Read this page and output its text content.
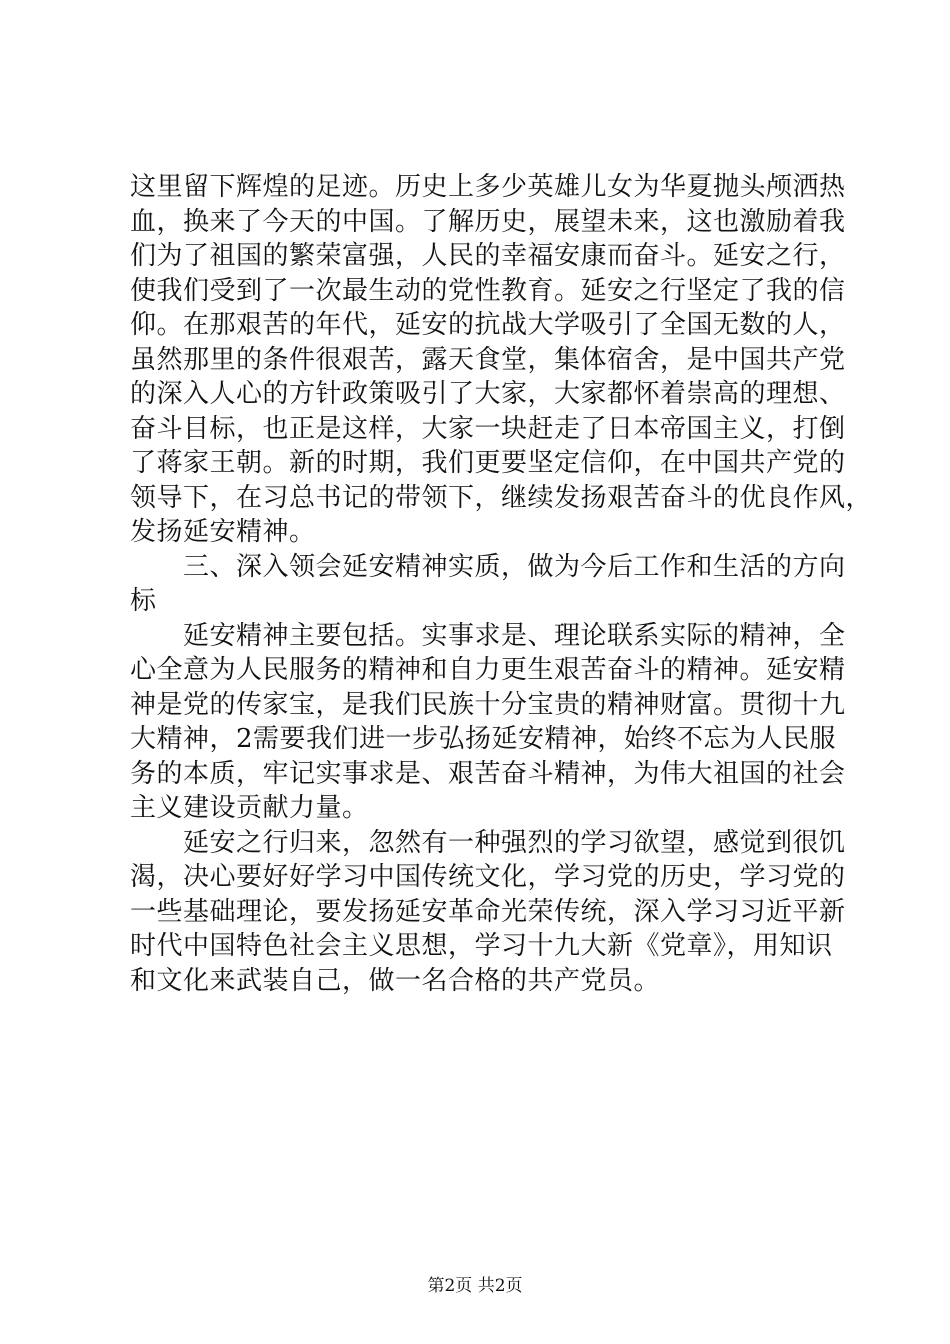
这里留下辉煌的足迹。历史上多少英雄儿女为华夏抛头颅洒热
血，换来了今天的中国。了解历史，展望未来，这也激励着我
们为了祖国的繁荣富强，人民的幸福安康而奋斗。延安之行，
使我们受到了一次最生动的党性教育。延安之行坚定了我的信
仰。在那艰苦的年代，延安的抗战大学吸引了全国无数的人，
虽然那里的条件很艰苦，露天食堂，集体宿舍，是中国共产党
的深入人心的方针政策吸引了大家，大家都怀着崇高的理想、
奋斗目标，也正是这样，大家一块赶走了日本帝国主义，打倒
了蒋家王朝。新的时期，我们更要坚定信仰，在中国共产党的
领导下，在习总书记的带领下，继续发扬艰苦奋斗的优良作风，
发扬延安精神。
　　三、深入领会延安精神实质，做为今后工作和生活的方向
标
　　延安精神主要包括。实事求是、理论联系实际的精神，全
心全意为人民服务的精神和自力更生艰苦奋斗的精神。延安精
神是党的传家宝，是我们民族十分宝贵的精神财富。贯彻十九
大精神，2需要我们进一步弘扬延安精神，始终不忘为人民服
务的本质，牢记实事求是、艰苦奋斗精神，为伟大祖国的社会
主义建设贡献力量。
　　延安之行归来，忽然有一种强烈的学习欲望，感觉到很饥
渴，决心要好好学习中国传统文化，学习党的历史，学习党的
一些基础理论，要发扬延安革命光荣传统，深入学习习近平新
时代中国特色社会主义思想，学习十九大新《党章》，用知识
和文化来武装自己，做一名合格的共产党员。
第2页 共2页
